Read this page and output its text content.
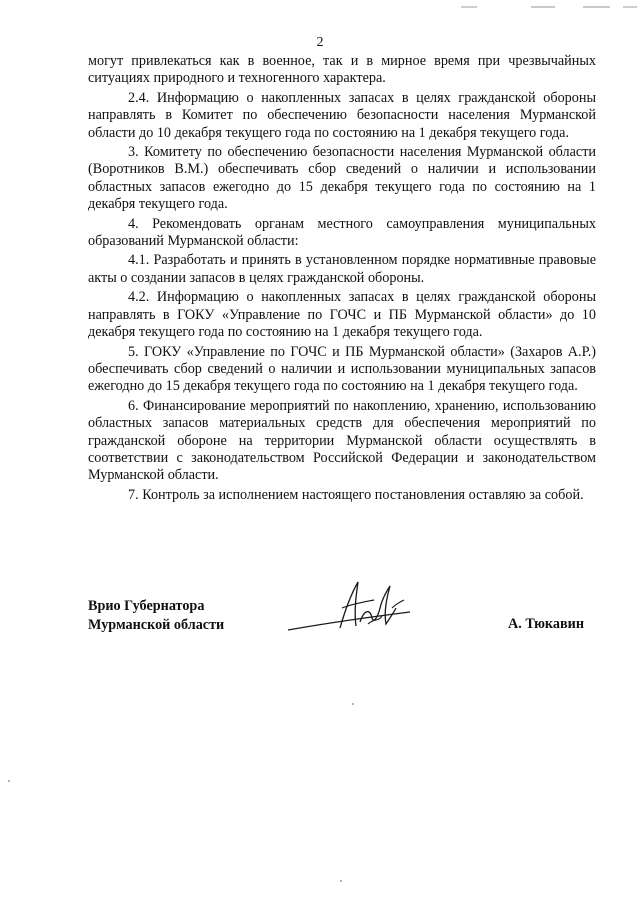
2

могут привлекаться как в военное, так и в мирное время при чрезвычайных ситуациях природного и техногенного характера.

2.4. Информацию о накопленных запасах в целях гражданской обороны направлять в Комитет по обеспечению безопасности населения Мурманской области до 10 декабря текущего года по состоянию на 1 декабря текущего года.

3. Комитету по обеспечению безопасности населения Мурманской области (Воротников В.М.) обеспечивать сбор сведений о наличии и использовании областных запасов ежегодно до 15 декабря текущего года по состоянию на 1 декабря текущего года.

4. Рекомендовать органам местного самоуправления муниципальных образований Мурманской области:

4.1. Разработать и принять в установленном порядке нормативные правовые акты о создании запасов в целях гражданской обороны.

4.2. Информацию о накопленных запасах в целях гражданской обороны направлять в ГОКУ «Управление по ГОЧС и ПБ Мурманской области» до 10 декабря текущего года по состоянию на 1 декабря текущего года.

5. ГОКУ «Управление по ГОЧС и ПБ Мурманской области» (Захаров А.Р.) обеспечивать сбор сведений о наличии и использовании муниципальных запасов ежегодно до 15 декабря текущего года по состоянию на 1 декабря текущего года.

6. Финансирование мероприятий по накоплению, хранению, использованию областных запасов материальных средств для обеспечения мероприятий по гражданской обороне на территории Мурманской области осуществлять в соответствии с законодательством Российской Федерации и законодательством Мурманской области.

7. Контроль за исполнением настоящего постановления оставляю за собой.

Врио Губернатора
Мурманской области	А. Тюкавин
